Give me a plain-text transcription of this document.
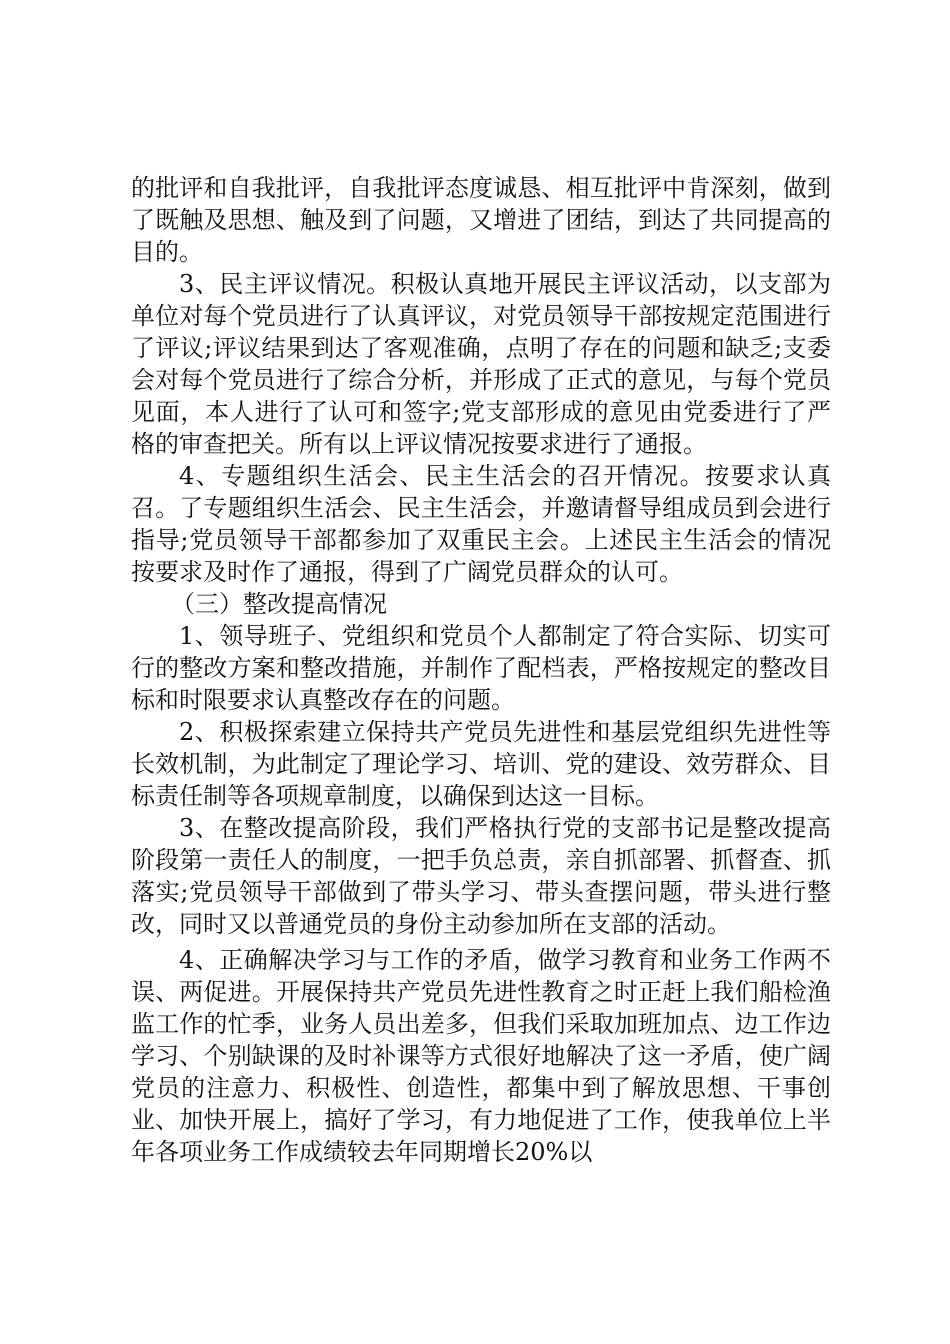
的批评和自我批评，自我批评态度诚恳、相互批评中肯深刻，做到了既触及思想、触及到了问题，又增进了团结，到达了共同提高的目的。

3、民主评议情况。积极认真地开展民主评议活动，以支部为单位对每个党员进行了认真评议，对党员领导干部按规定范围进行了评议;评议结果到达了客观准确，点明了存在的问题和缺乏;支委会对每个党员进行了综合分析，并形成了正式的意见，与每个党员见面，本人进行了认可和签字;党支部形成的意见由党委进行了严格的审查把关。所有以上评议情况按要求进行了通报。

4、专题组织生活会、民主生活会的召开情况。按要求认真召。了专题组织生活会、民主生活会，并邀请督导组成员到会进行指导;党员领导干部都参加了双重民主会。上述民主生活会的情况按要求及时作了通报，得到了广阔党员群众的认可。

（三）整改提高情况

1、领导班子、党组织和党员个人都制定了符合实际、切实可行的整改方案和整改措施，并制作了配档表，严格按规定的整改目标和时限要求认真整改存在的问题。

2、积极探索建立保持共产党员先进性和基层党组织先进性等长效机制，为此制定了理论学习、培训、党的建设、效劳群众、目标责任制等各项规章制度，以确保到达这一目标。

3、在整改提高阶段，我们严格执行党的支部书记是整改提高阶段第一责任人的制度，一把手负总责，亲自抓部署、抓督查、抓落实;党员领导干部做到了带头学习、带头查摆问题，带头进行整改，同时又以普通党员的身份主动参加所在支部的活动。

4、正确解决学习与工作的矛盾，做学习教育和业务工作两不误、两促进。开展保持共产党员先进性教育之时正赶上我们船检渔监工作的忙季，业务人员出差多，但我们采取加班加点、边工作边学习、个别缺课的及时补课等方式很好地解决了这一矛盾，使广阔党员的注意力、积极性、创造性，都集中到了解放思想、干事创业、加快开展上，搞好了学习，有力地促进了工作，使我单位上半年各项业务工作成绩较去年同期增长20%以
